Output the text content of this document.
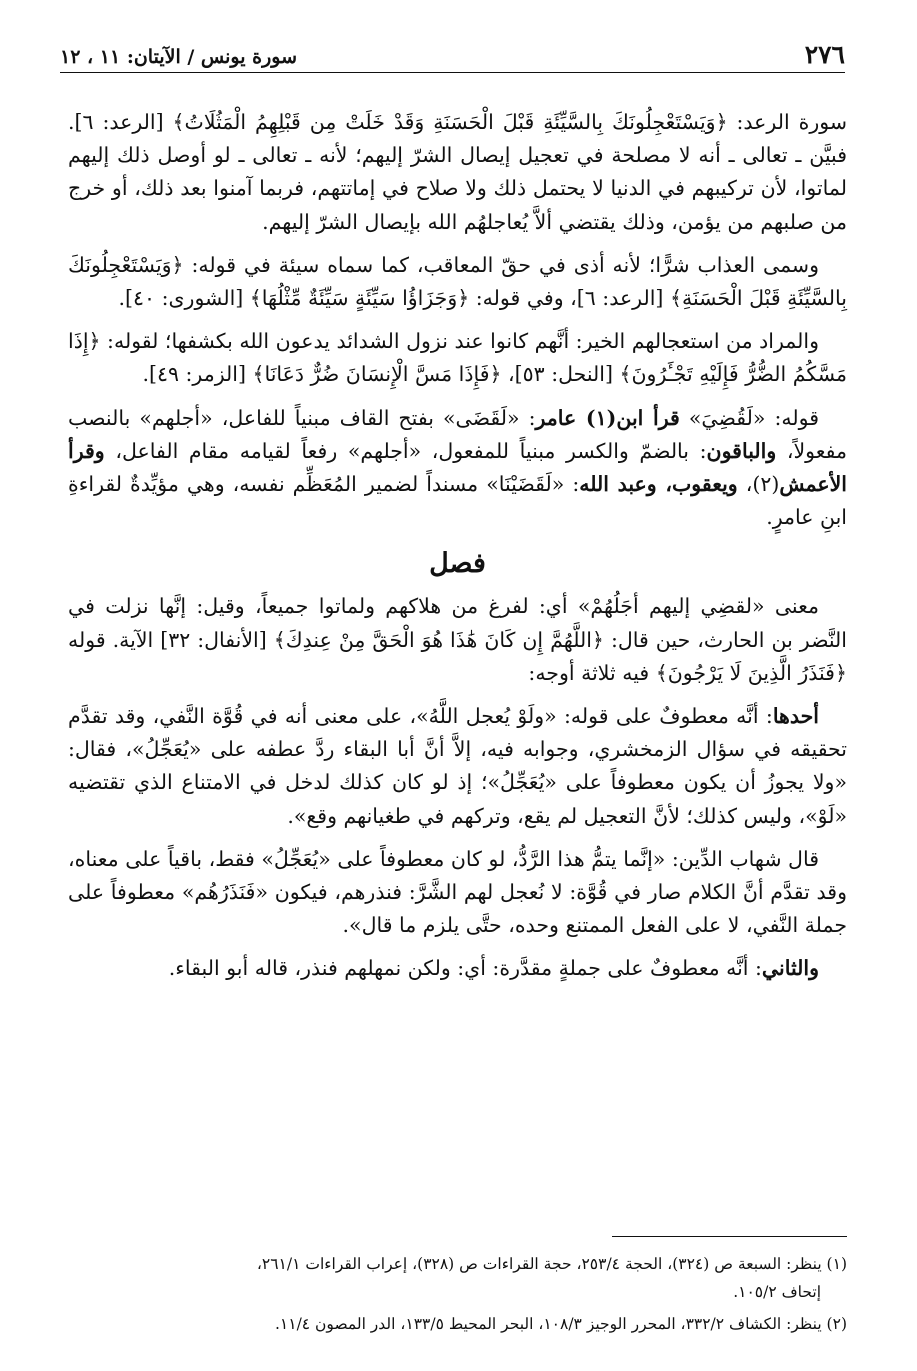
٢٧٦
سورة يونس / الآيتان: ١١ ، ١٢

سورة الرعد: ﴿وَيَسْتَعْجِلُونَكَ بِالسَّيِّئَةِ قَبْلَ الْحَسَنَةِ وَقَدْ خَلَتْ مِن قَبْلِهِمُ الْمَثُلَاتُ﴾ [الرعد: ٦]. فبيَّن ـ تعالى ـ أنه لا مصلحة في تعجيل إيصال الشرّ إليهم؛ لأنه ـ تعالى ـ لو أوصل ذلك إليهم لماتوا، لأن تركيبهم في الدنيا لا يحتمل ذلك ولا صلاح في إماتتهم، فربما آمنوا بعد ذلك، أو خرج من صلبهم من يؤمن، وذلك يقتضي ألاَّ يُعاجلهُم الله بإيصال الشرّ إليهم.

وسمى العذاب شرًّا؛ لأنه أذى في حقّ المعاقب، كما سماه سيئة في قوله: ﴿وَيَسْتَعْجِلُونَكَ بِالسَّيِّئَةِ قَبْلَ الْحَسَنَةِ﴾ [الرعد: ٦]، وفي قوله: ﴿وَجَزَاؤُا سَيِّئَةٍ سَيِّئَةٌ مِّثْلُهَا﴾ [الشورى: ٤٠].

والمراد من استعجالهم الخير: أنَّهم كانوا عند نزول الشدائد يدعون الله بكشفها؛ لقوله: ﴿إِذَا مَسَّكُمُ الضُّرُّ فَإِلَيْهِ تَجْـَٔرُونَ﴾ [النحل: ٥٣]، ﴿فَإِذَا مَسَّ الْإِنسَانَ ضُرٌّ دَعَانَا﴾ [الزمر: ٤٩].

قوله: «لَقُضِيَ» قرأ ابن(١) عامر: «لَقَضَى» بفتح القاف مبنياً للفاعل، «أجلهم» بالنصب مفعولاً، والباقون: بالضمّ والكسر مبنياً للمفعول، «أجلهم» رفعاً لقيامه مقام الفاعل، وقرأ الأعمش(٢)، ويعقوب، وعبد الله: «لَقَضَيْنَا» مسنداً لضمير المُعَظِّم نفسه، وهي مؤيِّدةٌ لقراءةِ ابنِ عامرٍ.

فصل

معنى «لقضِي إليهم أجَلُهُمْ» أي: لفرغ من هلاكهم ولماتوا جميعاً، وقيل: إنَّها نزلت في النَّضر بن الحارث، حين قال: ﴿اللَّهُمَّ إِن كَانَ هَٰذَا هُوَ الْحَقَّ مِنْ عِندِكَ﴾ [الأنفال: ٣٢] الآية. قوله ﴿فَنَذَرُ الَّذِينَ لَا يَرْجُونَ﴾ فيه ثلاثة أوجه:

أحدها: أنَّه معطوفٌ على قوله: «ولَوْ يُعجل اللَّهُ»، على معنى أنه في قُوَّة النَّفي، وقد تقدَّم تحقيقه في سؤال الزمخشري، وجوابه فيه، إلاَّ أنَّ أبا البقاء ردَّ عطفه على «يُعَجِّلُ»، فقال: «ولا يجوزُ أن يكون معطوفاً على «يُعَجِّلُ»؛ إذ لو كان كذلك لدخل في الامتناع الذي تقتضيه «لَوْ»، وليس كذلك؛ لأنَّ التعجيل لم يقع، وتركهم في طغيانهم وقع».

قال شهاب الدِّين: «إنَّما يتمُّ هذا الرَّدُّ، لو كان معطوفاً على «يُعَجِّلُ» فقط، باقياً على معناه، وقد تقدَّم أنَّ الكلام صار في قُوَّة: لا نُعجل لهم الشَّرَّ: فنذرهم، فيكون «فَنَذَرُهُم» معطوفاً على جملة النَّفي، لا على الفعل الممتنع وحده، حتَّى يلزم ما قال».

والثاني: أنَّه معطوفٌ على جملةٍ مقدَّرة: أي: ولكن نمهلهم فنذر، قاله أبو البقاء.

(١) ينظر: السبعة ص (٣٢٤)، الحجة ٢٥٣/٤، حجة القراءات ص (٣٢٨)، إعراب القراءات ٢٦١/١،
إتحاف ١٠٥/٢.

(٢) ينظر: الكشاف ٣٣٢/٢، المحرر الوجيز ١٠٨/٣، البحر المحيط ١٣٣/٥، الدر المصون ١١/٤.
